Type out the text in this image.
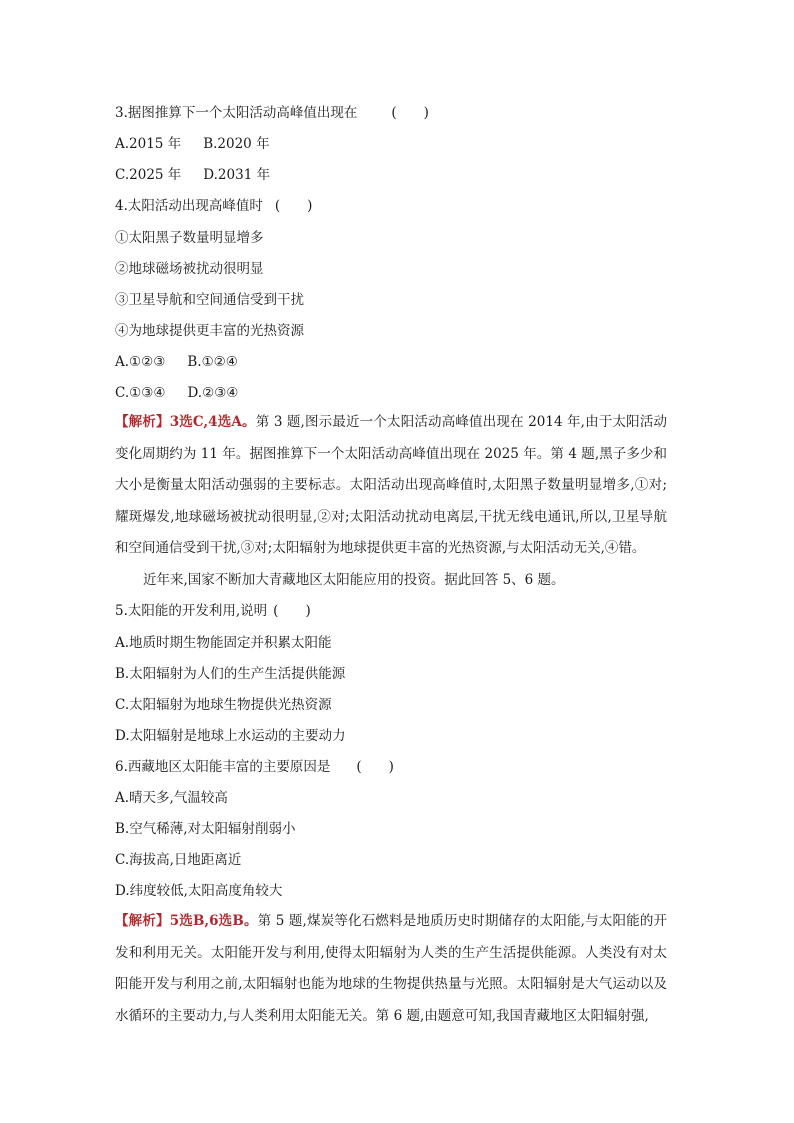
3.据图推算下一个太阳活动高峰值出现在	(　　)
A.2015 年 B.2020 年
C.2025 年 D.2031 年
4.太阳活动出现高峰值时 (　　)
①太阳黑子数量明显增多
②地球磁场被扰动很明显
③卫星导航和空间通信受到干扰
④为地球提供更丰富的光热资源
A.①②③ B.①②④
C.①③④ D.②③④
【解析】3选C,4选A。第 3 题,图示最近一个太阳活动高峰值出现在 2014 年,由于太阳活动变化周期约为 11 年。据图推算下一个太阳活动高峰值出现在 2025 年。第 4 题,黑子多少和大小是衡量太阳活动强弱的主要标志。太阳活动出现高峰值时,太阳黑子数量明显增多,①对;耀斑爆发,地球磁场被扰动很明显,②对;太阳活动扰动电离层,干扰无线电通讯,所以,卫星导航和空间通信受到干扰,③对;太阳辐射为地球提供更丰富的光热资源,与太阳活动无关,④错。
近年来,国家不断加大青藏地区太阳能应用的投资。据此回答 5、6 题。
5.太阳能的开发利用,说明 (　　)
A.地质时期生物能固定并积累太阳能
B.太阳辐射为人们的生产生活提供能源
C.太阳辐射为地球生物提供光热资源
D.太阳辐射是地球上水运动的主要动力
6.西藏地区太阳能丰富的主要原因是 (　　)
A.晴天多,气温较高
B.空气稀薄,对太阳辐射削弱小
C.海拔高,日地距离近
D.纬度较低,太阳高度角较大
【解析】5选B,6选B。第 5 题,煤炭等化石燃料是地质历史时期储存的太阳能,与太阳能的开发和利用无关。太阳能开发与利用,使得太阳辐射为人类的生产生活提供能源。人类没有对太阳能开发与利用之前,太阳辐射也能为地球的生物提供热量与光照。太阳辐射是大气运动以及水循环的主要动力,与人类利用太阳能无关。第 6 题,由题意可知,我国青藏地区太阳辐射强,
